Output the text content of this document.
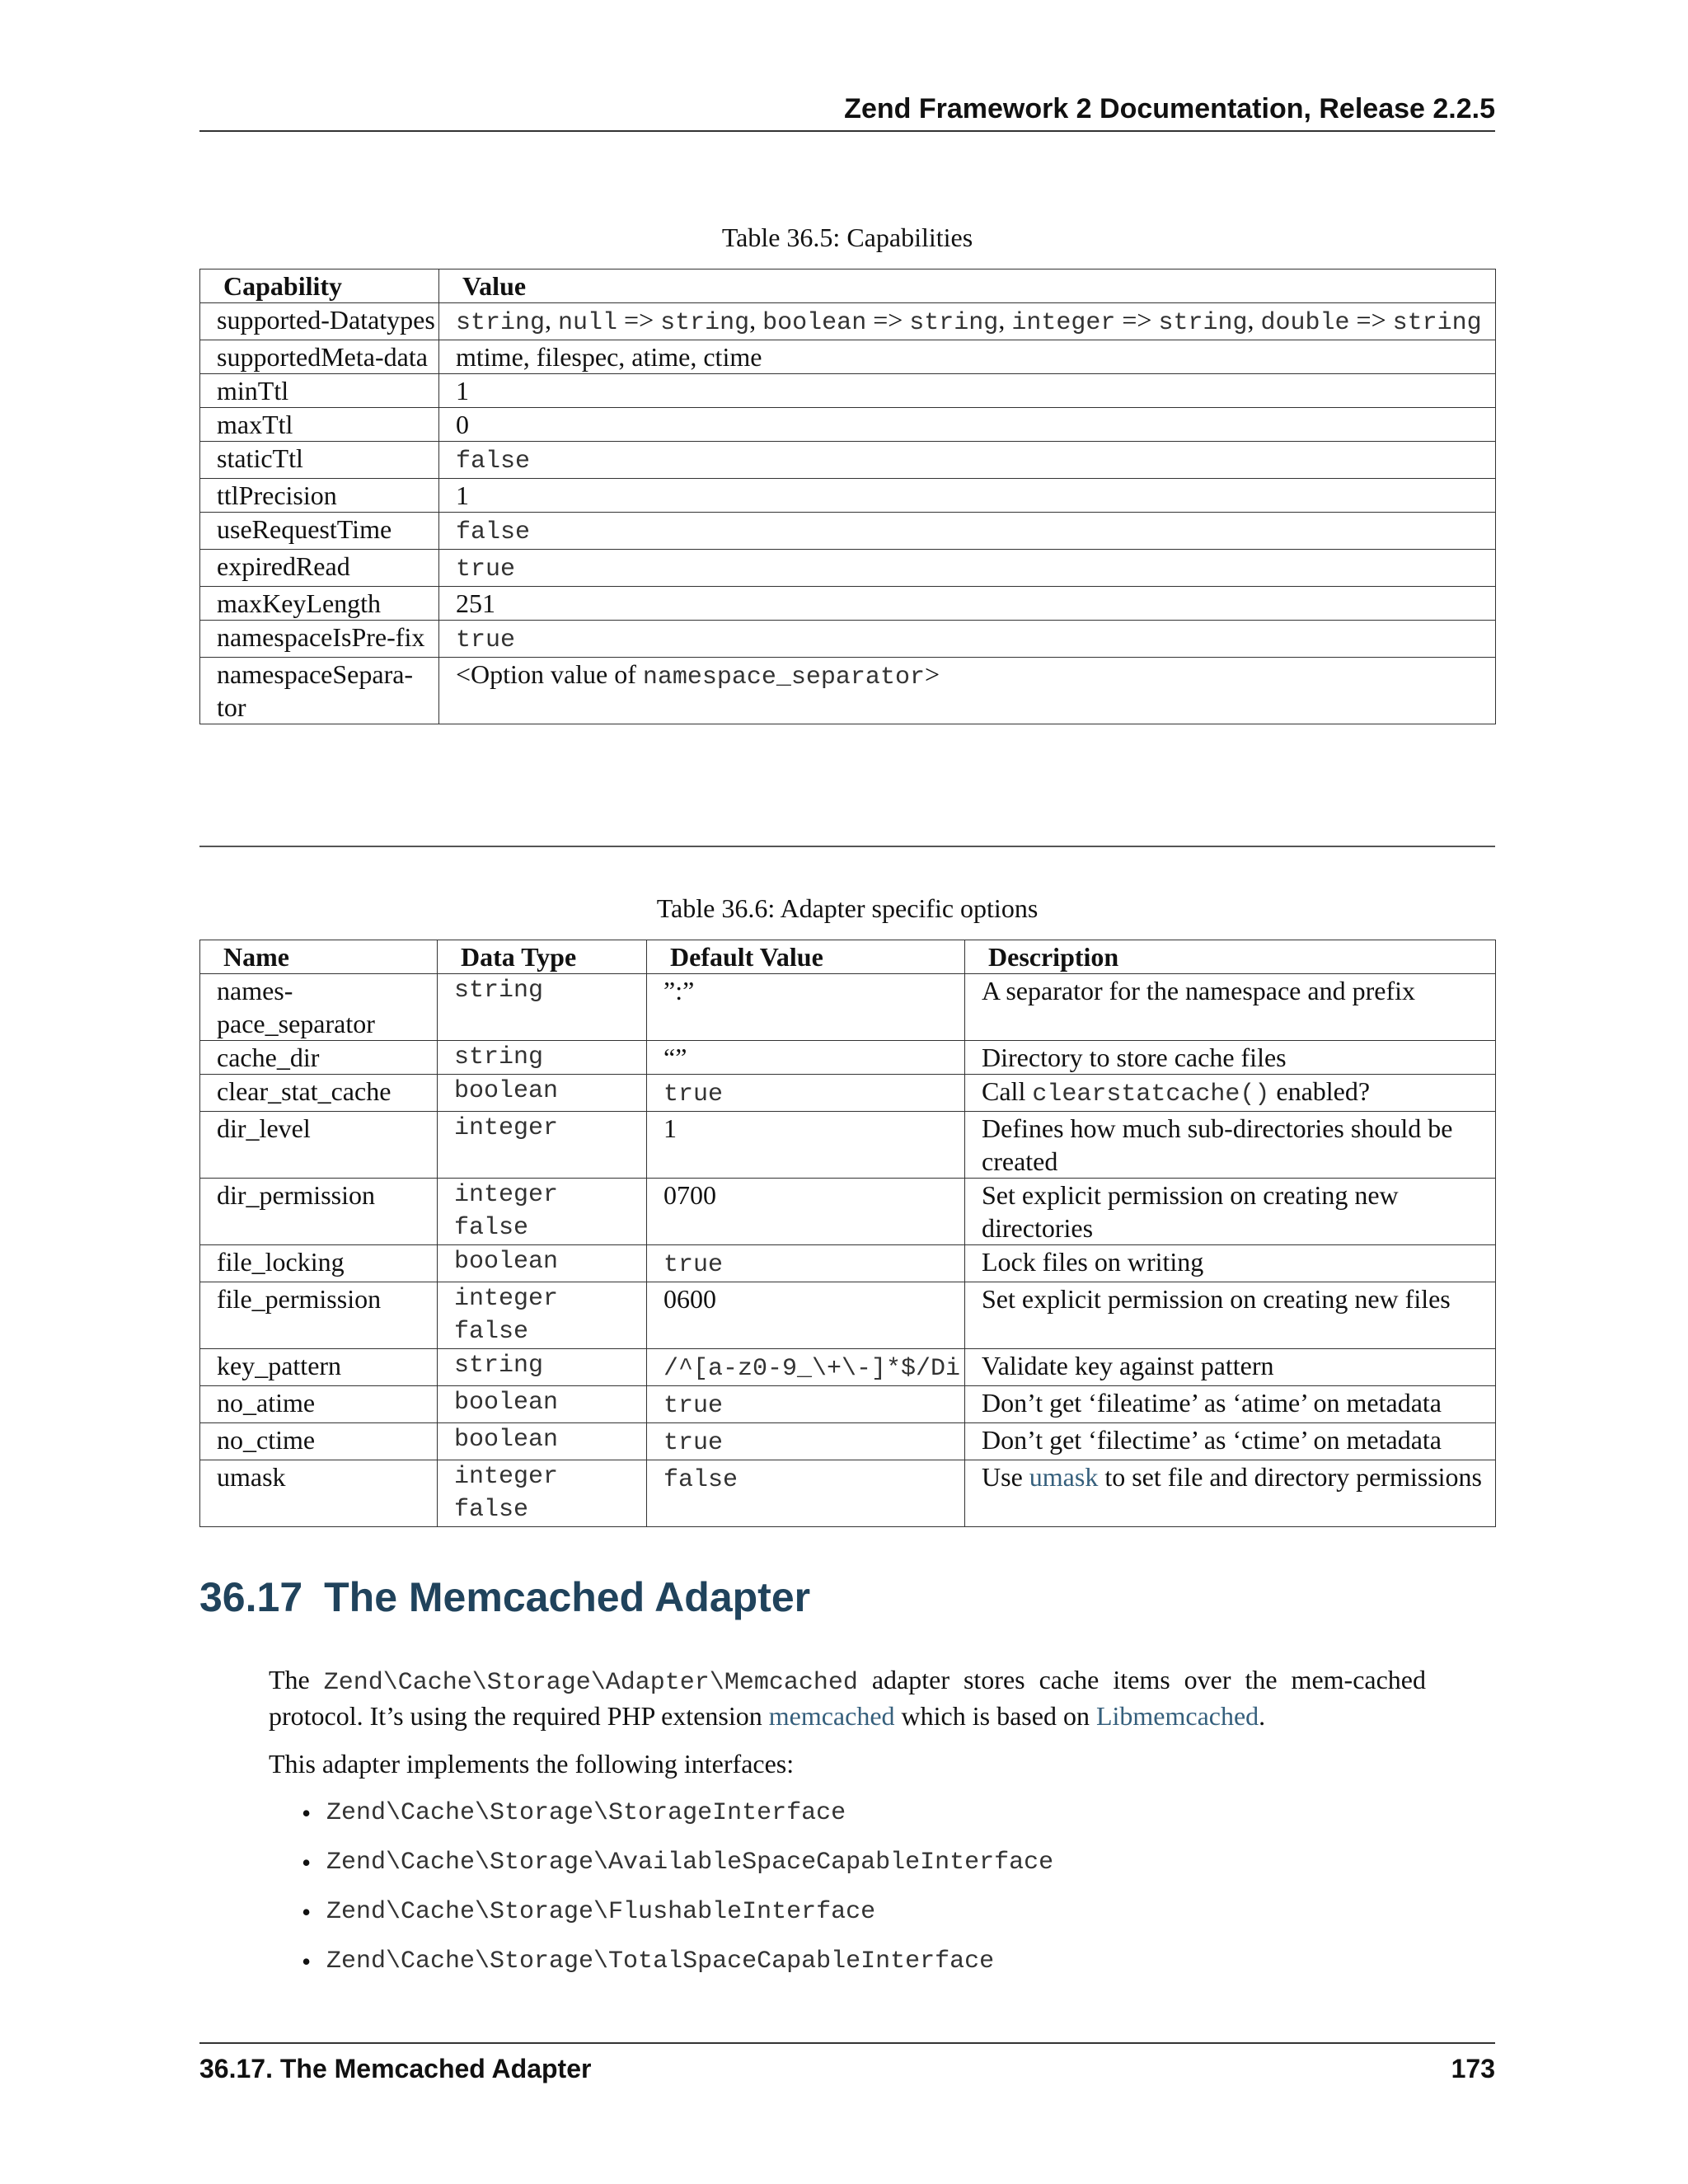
Zend Framework 2 Documentation, Release 2.2.5
Table 36.5: Capabilities
Capability	Value
supported-Datatypes	string, null => string, boolean => string, integer => string, double => string
supportedMeta-data	mtime, filespec, atime, ctime
minTtl	1
maxTtl	0
staticTtl	false
ttlPrecision	1
useRequestTime	false
expiredRead	true
maxKeyLength	251
namespaceIsPre-fix	true
namespaceSepara-tor	<Option value of namespace_separator>
Table 36.6: Adapter specific options
Name	Data Type	Default Value	Description
names-pace_separator	string	”:”	A separator for the namespace and prefix
cache_dir	string	“”	Directory to store cache files
clear_stat_cache	boolean	true	Call clearstatcache() enabled?
dir_level	integer	1	Defines how much sub-directories should be created
dir_permission	integer false	0700	Set explicit permission on creating new directories
file_locking	boolean	true	Lock files on writing
file_permission	integer false	0600	Set explicit permission on creating new files
key_pattern	string	/^[a-z0-9_\+\-]*$/Di	Validate key against pattern
no_atime	boolean	true	Don’t get ‘fileatime’ as ‘atime’ on metadata
no_ctime	boolean	true	Don’t get ‘filectime’ as ‘ctime’ on metadata
umask	integer false	false	Use umask to set file and directory permissions
36.17 The Memcached Adapter
The Zend\Cache\Storage\Adapter\Memcached adapter stores cache items over the mem-cached protocol. It’s using the required PHP extension memcached which is based on Libmemcached.
This adapter implements the following interfaces:
• Zend\Cache\Storage\StorageInterface
• Zend\Cache\Storage\AvailableSpaceCapableInterface
• Zend\Cache\Storage\FlushableInterface
• Zend\Cache\Storage\TotalSpaceCapableInterface
36.17. The Memcached Adapter	173
